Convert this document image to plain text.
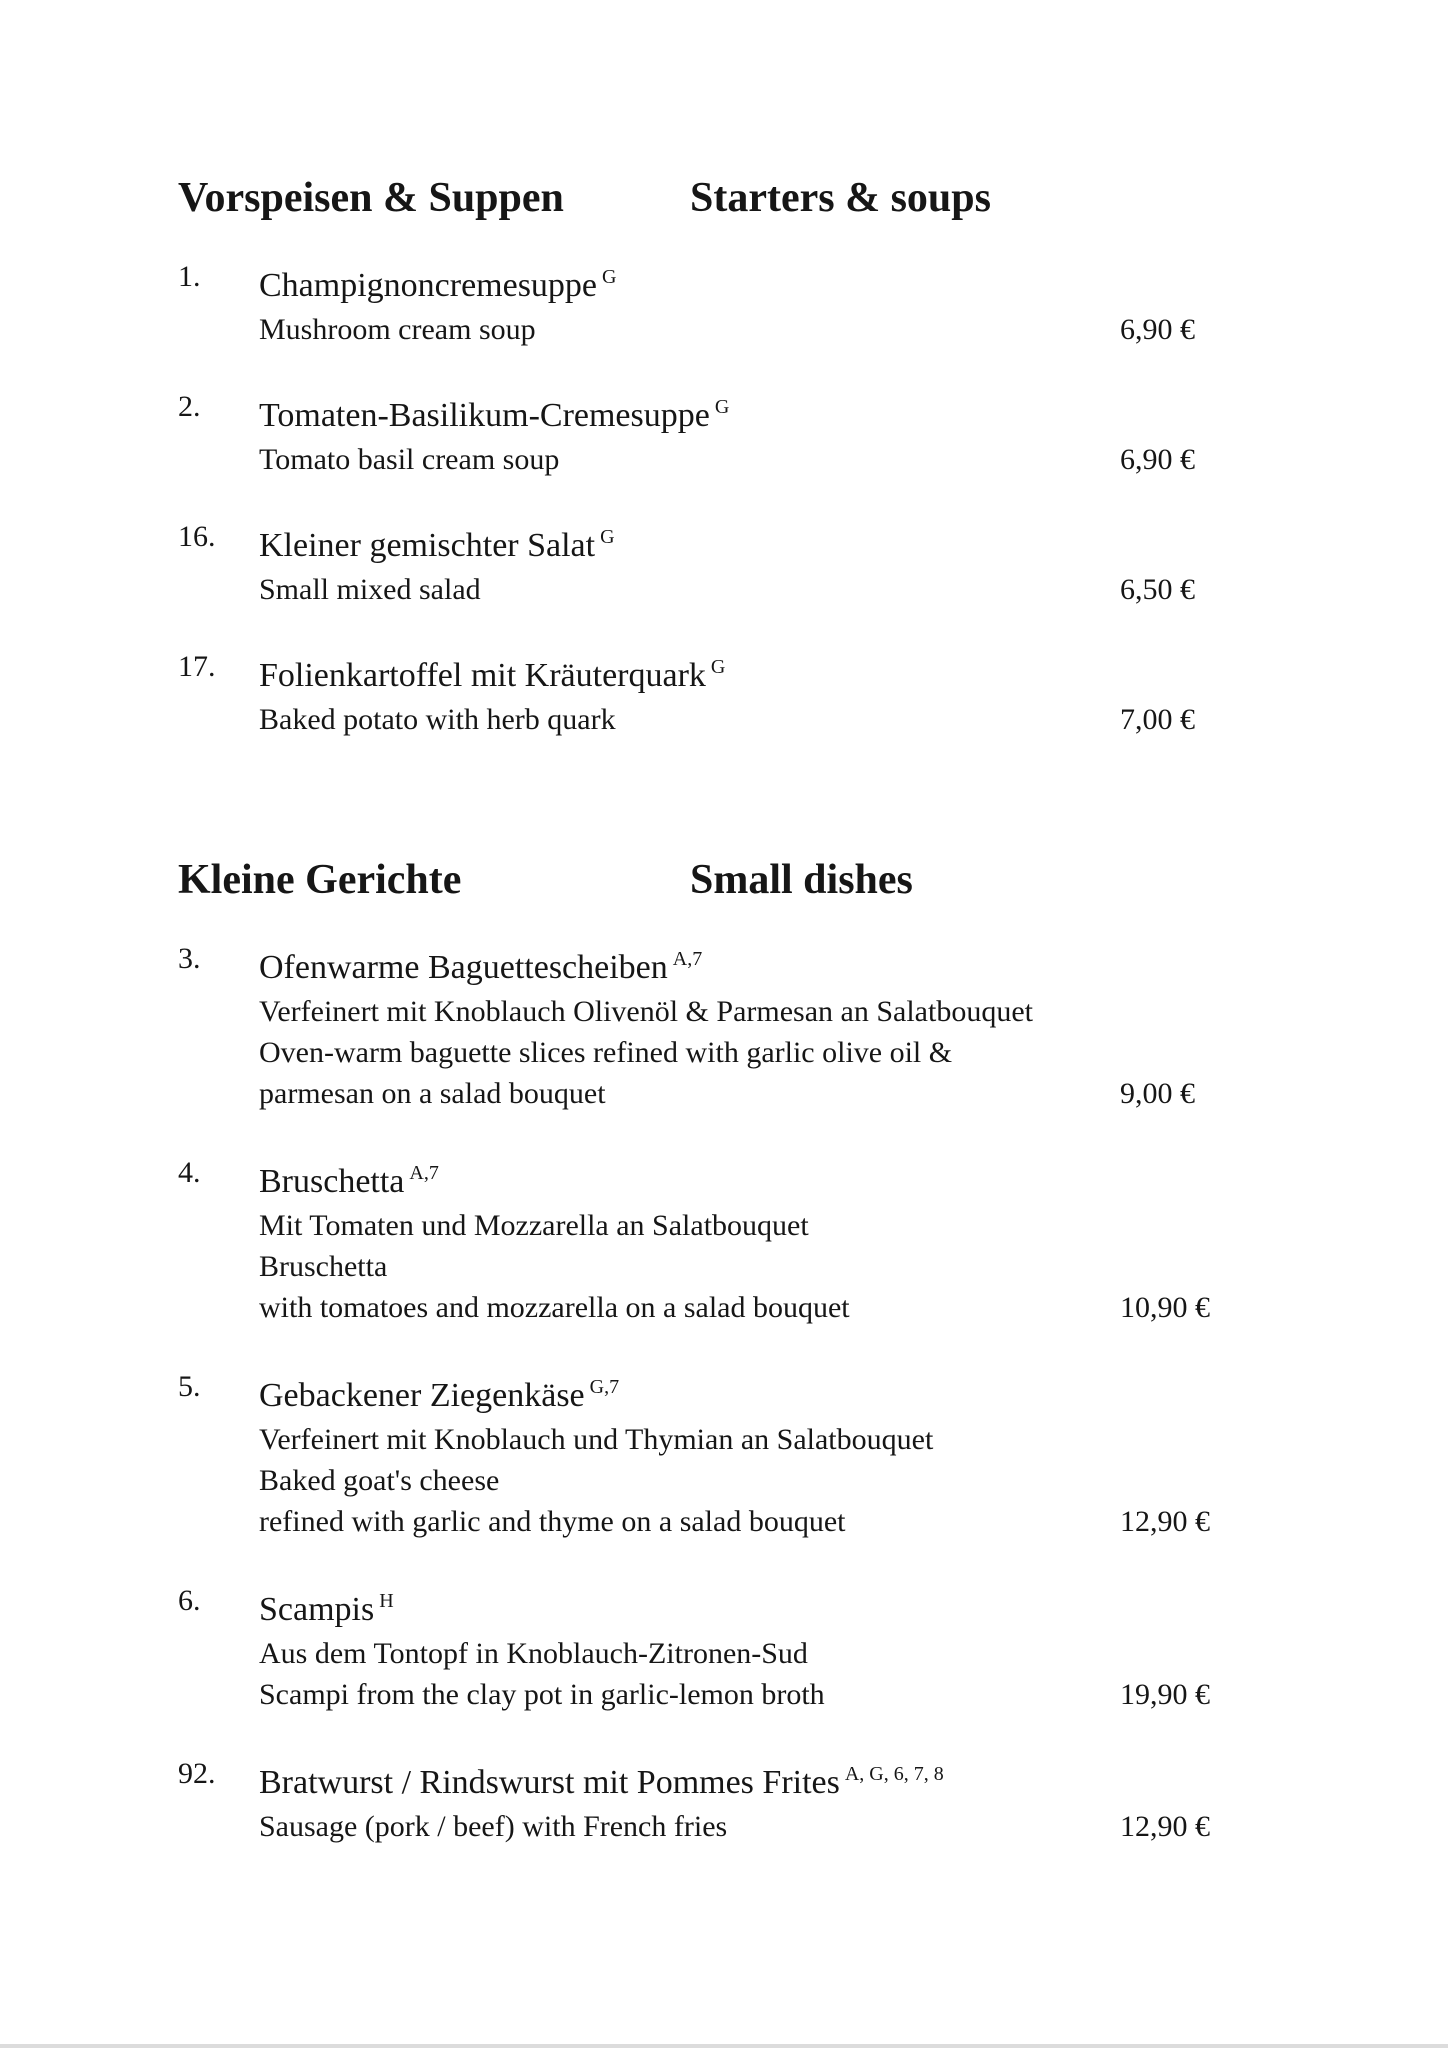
Vorspeisen & Suppen	Starters & soups
1.	Champignoncremesuppe $^G$
Mushroom cream soup	6,90 €
2.	Tomaten-Basilikum-Cremesuppe $^G$
Tomato basil cream soup	6,90 €
16.	Kleiner gemischter Salat $^G$
Small mixed salad	6,50 €
17.	Folienkartoffel mit Kräuterquark $^G$
Baked potato with herb quark	7,00 €
Kleine Gerichte	Small dishes
3.	Ofenwarme Baguettescheiben $^{A,7}$
Verfeinert mit Knoblauch Olivenöl & Parmesan an Salatbouquet
Oven-warm baguette slices refined with garlic olive oil &
parmesan on a salad bouquet	9,00 €
4.	Bruschetta $^{A,7}$
Mit Tomaten und Mozzarella an Salatbouquet
Bruschetta
with tomatoes and mozzarella on a salad bouquet	10,90 €
5.	Gebackener Ziegenkäse $^{G,7}$
Verfeinert mit Knoblauch und Thymian an Salatbouquet
Baked goat's cheese
refined with garlic and thyme on a salad bouquet	12,90 €
6.	Scampis $^H$
Aus dem Tontopf in Knoblauch-Zitronen-Sud
Scampi from the clay pot in garlic-lemon broth	19,90 €
92.	Bratwurst / Rindswurst mit Pommes Frites $^{A, G, 6, 7, 8}$
Sausage (pork / beef) with French fries	12,90 €
